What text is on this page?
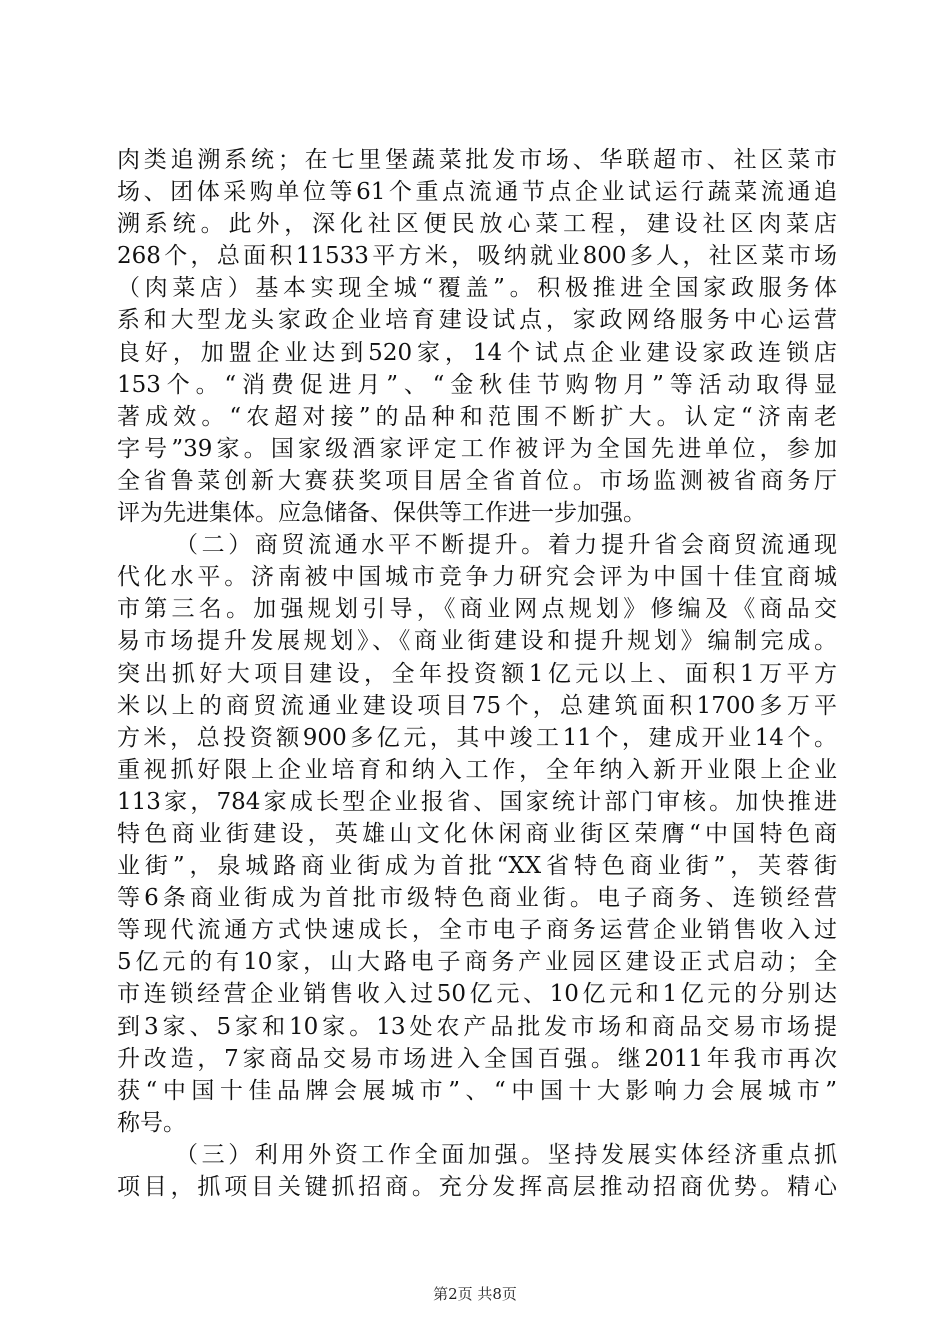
肉类追溯系统；在七里堡蔬菜批发市场、华联超市、社区菜市
场、团体采购单位等61个重点流通节点企业试运行蔬菜流通追
溯系统。此外，深化社区便民放心菜工程，建设社区肉菜店
268个，总面积11533平方米，吸纳就业800多人，社区菜市场
（肉菜店）基本实现全城“覆盖”。积极推进全国家政服务体
系和大型龙头家政企业培育建设试点，家政网络服务中心运营
良好，加盟企业达到520家，14个试点企业建设家政连锁店
153个。“消费促进月”、“金秋佳节购物月”等活动取得显
著成效。“农超对接”的品种和范围不断扩大。认定“济南老
字号”39家。国家级酒家评定工作被评为全国先进单位，参加
全省鲁菜创新大赛获奖项目居全省首位。市场监测被省商务厅
评为先进集体。应急储备、保供等工作进一步加强。
（二）商贸流通水平不断提升。着力提升省会商贸流通现
代化水平。济南被中国城市竞争力研究会评为中国十佳宜商城
市第三名。加强规划引导，《商业网点规划》修编及《商品交
易市场提升发展规划》、《商业街建设和提升规划》编制完成。
突出抓好大项目建设，全年投资额1亿元以上、面积1万平方
米以上的商贸流通业建设项目75个，总建筑面积1700多万平
方米，总投资额900多亿元，其中竣工11个，建成开业14个。
重视抓好限上企业培育和纳入工作，全年纳入新开业限上企业
113家，784家成长型企业报省、国家统计部门审核。加快推进
特色商业街建设，英雄山文化休闲商业街区荣膺“中国特色商
业街”，泉城路商业街成为首批“XX省特色商业街”，芙蓉街
等6条商业街成为首批市级特色商业街。电子商务、连锁经营
等现代流通方式快速成长，全市电子商务运营企业销售收入过
5亿元的有10家，山大路电子商务产业园区建设正式启动；全
市连锁经营企业销售收入过50亿元、10亿元和1亿元的分别达
到3家、5家和10家。13处农产品批发市场和商品交易市场提
升改造，7家商品交易市场进入全国百强。继2011年我市再次
获“中国十佳品牌会展城市”、“中国十大影响力会展城市”
称号。
（三）利用外资工作全面加强。坚持发展实体经济重点抓
项目，抓项目关键抓招商。充分发挥高层推动招商优势。精心
第2页 共8页
